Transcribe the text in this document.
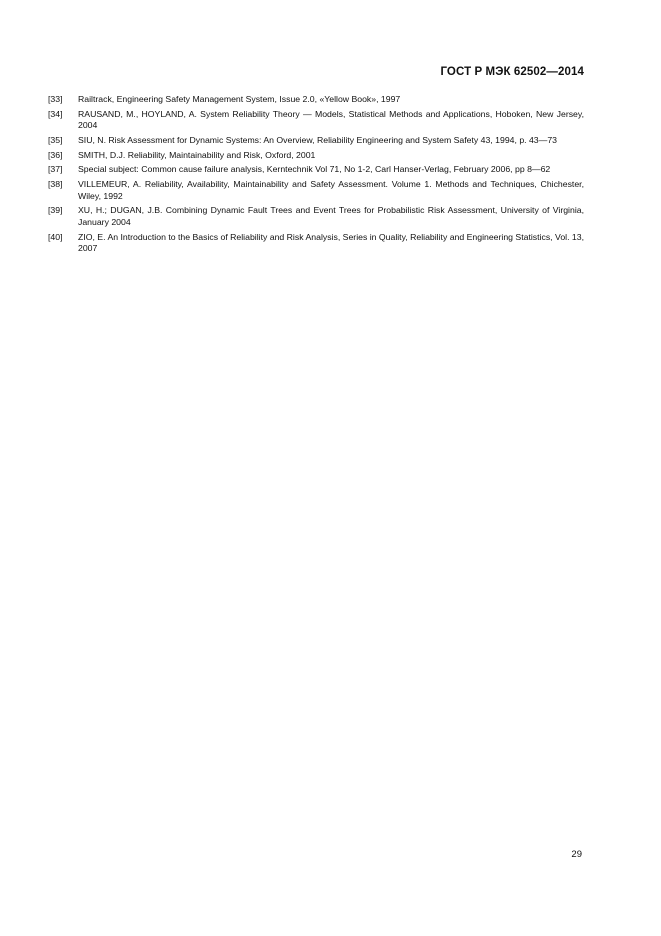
ГОСТ Р МЭК 62502—2014
[33]	Railtrack, Engineering Safety Management System, Issue 2.0, «Yellow Book», 1997
[34]	RAUSAND, M., HOYLAND, A. System Reliability Theory — Models, Statistical Methods and Applications, Hoboken, New Jersey, 2004
[35]	SIU, N. Risk Assessment for Dynamic Systems: An Overview, Reliability Engineering and System Safety 43, 1994, p. 43—73
[36]	SMITH, D.J. Reliability, Maintainability and Risk, Oxford, 2001
[37]	Special subject: Common cause failure analysis, Kerntechnik Vol 71, No 1-2, Carl Hanser-Verlag, February 2006, pp 8—62
[38]	VILLEMEUR, A. Reliability, Availability, Maintainability and Safety Assessment. Volume 1. Methods and Techniques, Chichester, Wiley, 1992
[39]	XU, H.; DUGAN, J.B. Combining Dynamic Fault Trees and Event Trees for Probabilistic Risk Assessment, University of Virginia, January 2004
[40]	ZIO, E. An Introduction to the Basics of Reliability and Risk Analysis, Series in Quality, Reliability and Engineering Statistics, Vol. 13, 2007
29
